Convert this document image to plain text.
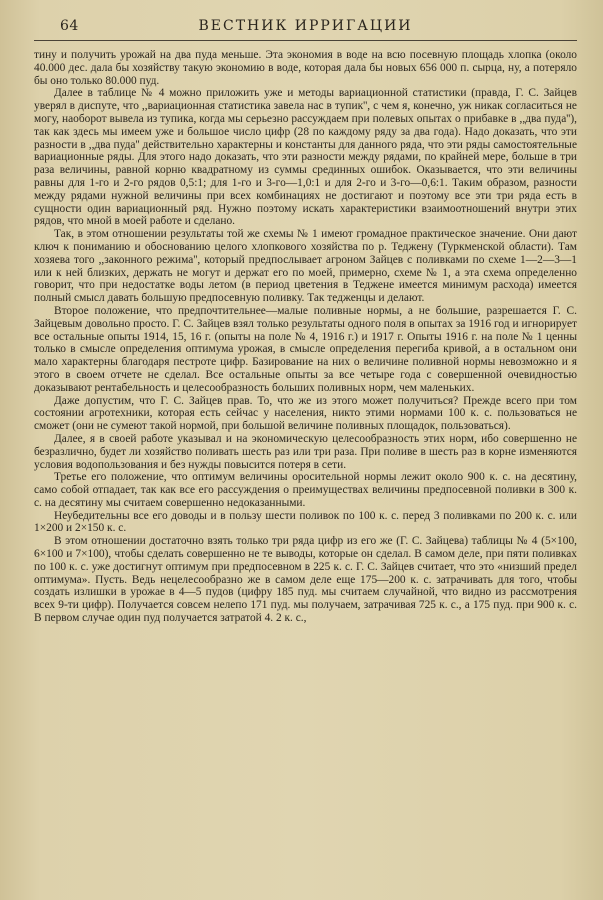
64	ВЕСТНИК ИРРИГАЦИИ

тину и получить урожай на два пуда меньше. Эта экономия в воде на всю посевную площадь хлопка (около 40.000 дес. дала бы хозяйству такую экономию в воде, которая дала бы новых 656 000 п. сырца, ну, а потеряло бы оно только 80.000 пуд.

Далее в таблице № 4 можно приложить уже и методы вариационной статистики (правда, Г. С. Зайцев уверял в диспуте, что ,,вариационная статистика завела нас в тупик'', с чем я, конечно, уж никак согласиться не могу, наоборот вывела из тупика, когда мы серьезно рассуждаем при полевых опытах о прибавке в ,,два пуда''), так как здесь мы имеем уже и большое число цифр (28 по каждому ряду за два года). Надо доказать, что эти разности в ,,два пуда'' действительно характерны и константы для данного ряда, что эти ряды самостоятельные вариационные ряды. Для этого надо доказать, что эти разности между рядами, по крайней мере, больше в три раза величины, равной корню квадратному из суммы срединных ошибок. Оказывается, что эти величины равны для 1-го и 2-го рядов 0,5:1; для 1-го и 3-го—1,0:1 и для 2-го и 3-го—0,6:1. Таким образом, разности между рядами нужной величины при всех комбинациях не достигают и поэтому все эти три ряда есть в сущности один вариационный ряд. Нужно поэтому искать характеристики взаимоотношений внутри этих рядов, что мной в моей работе и сделано.

Так, в этом отношении результаты той же схемы № 1 имеют громадное практическое значение. Они дают ключ к пониманию и обоснованию целого хлопкового хозяйства по р. Теджену (Туркменской области). Там хозяева того ,,законного режима'', который предпослывает агроном Зайцев с поливками по схеме 1—2—3—1 или к ней близких, держать не могут и держат его по моей, примерно, схеме № 1, а эта схема определенно говорит, что при недостатке воды летом (в период цветения в Теджене имеется минимум расхода) имеется полный смысл давать большую предпосевную поливку. Так тедженцы и делают.

Второе положение, что предпочтительнее—малые поливные нормы, а не большие, разрешается Г. С. Зайцевым довольно просто. Г. С. Зайцев взял только результаты одного поля в опытах за 1916 год и игнорирует все остальные опыты 1914, 15, 16 г. (опыты на поле № 4, 1916 г.) и 1917 г. Опыты 1916 г. на поле № 1 ценны только в смысле определения оптимума урожая, в смысле определения перегиба кривой, а в остальном они мало характерны благодаря пестроте цифр. Базирование на них о величине поливной нормы невозможно и я этого в своем отчете не сделал. Все остальные опыты за все четыре года с совершенной очевидностью доказывают рентабельность и целесообразность больших поливных норм, чем маленьких.

Даже допустим, что Г. С. Зайцев прав. То, что же из этого может получиться? Прежде всего при том состоянии агротехники, которая есть сейчас у населения, никто этими нормами 100 к. с. пользоваться не сможет (они не сумеют такой нормой, при большой величине поливных площадок, пользоваться).

Далее, я в своей работе указывал и на экономическую целесообразность этих норм, ибо совершенно не безразлично, будет ли хозяйство поливать шесть раз или три раза. При поливе в шесть раз в корне изменяются условия водопользования и без нужды повысится потеря в сети.

Третье его положение, что оптимум величины оросительной нормы лежит около 900 к. с. на десятину, само собой отпадает, так как все его рассуждения о преимуществах величины предпосевной поливки в 300 к. с. на десятину мы считаем совершенно недоказанными.

Неубедительны все его доводы и в пользу шести поливок по 100 к. с. перед 3 поливками по 200 к. с. или 1×200 и 2×150 к. с.

В этом отношении достаточно взять только три ряда цифр из его же (Г. С. Зайцева) таблицы № 4 (5×100, 6×100 и 7×100), чтобы сделать совершенно не те выводы, которые он сделал. В самом деле, при пяти поливках по 100 к. с. уже достигнут оптимум при предпосевном в 225 к. с. Г. С. Зайцев считает, что это «низший предел оптимума». Пусть. Ведь нецелесообразно же в самом деле еще 175—200 к. с. затрачивать для того, чтобы создать излишки в урожае в 4—5 пудов (цифру 185 пуд. мы считаем случайной, что видно из рассмотрения всех 9-ти цифр). Получается совсем нелепо 171 пуд. мы получаем, затрачивая 725 к. с., а 175 пуд. при 900 к. с. В первом случае один пуд получается затратой 4. 2 к. с.,
